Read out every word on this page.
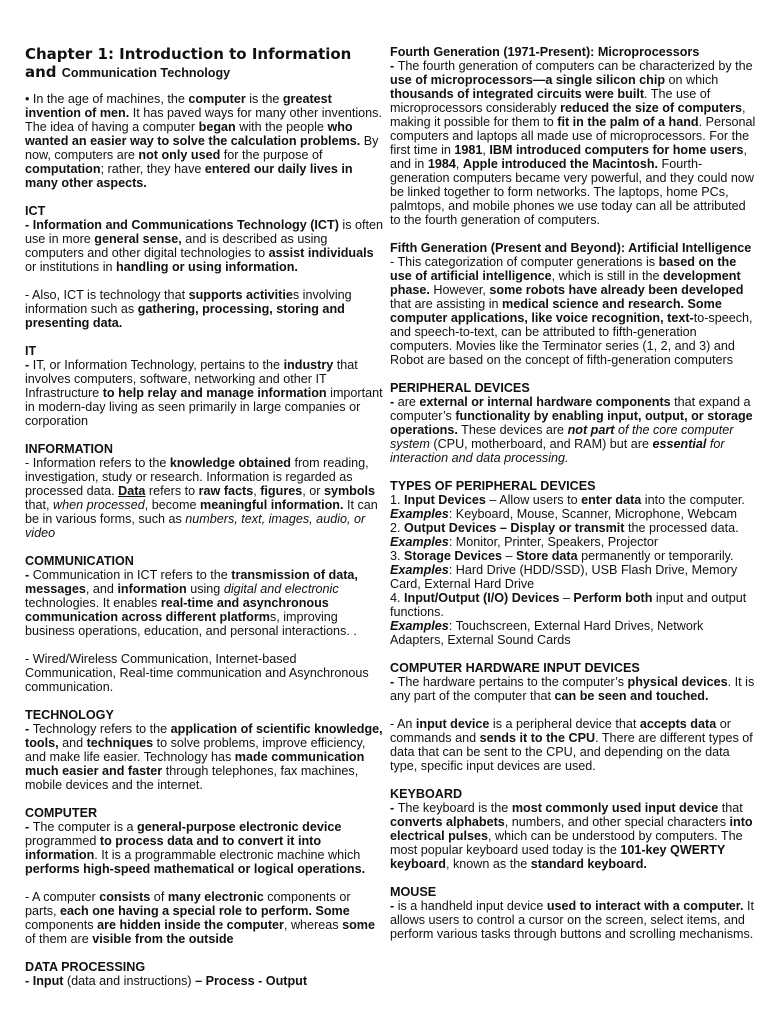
Chapter 1: Introduction to Information and Communication Technology

• In the age of machines, the computer is the greatest invention of men. It has paved ways for many other inventions. The idea of having a computer began with the people who wanted an easier way to solve the calculation problems. By now, computers are not only used for the purpose of computation; rather, they have entered our daily lives in many other aspects.

ICT

- Information and Communications Technology (ICT) is often use in more general sense, and is described as using computers and other digital technologies to assist individuals or institutions in handling or using information.

- Also, ICT is technology that supports activities involving information such as gathering, processing, storing and presenting data.

IT

- IT, or Information Technology, pertains to the industry that involves computers, software, networking and other IT Infrastructure to help relay and manage information important in modern-day living as seen primarily in large companies or corporation

INFORMATION

- Information refers to the knowledge obtained from reading, investigation, study or research. Information is regarded as processed data. Data refers to raw facts, figures, or symbols that, when processed, become meaningful information. It can be in various forms, such as numbers, text, images, audio, or video

COMMUNICATION

- Communication in ICT refers to the transmission of data, messages, and information using digital and electronic technologies. It enables real-time and asynchronous communication across different platforms, improving business operations, education, and personal interactions. .

- Wired/Wireless Communication, Internet-based Communication, Real-time communication and Asynchronous communication.

TECHNOLOGY

- Technology refers to the application of scientific knowledge, tools, and techniques to solve problems, improve efficiency, and make life easier. Technology has made communication much easier and faster through telephones, fax machines, mobile devices and the internet.

COMPUTER

- The computer is a general-purpose electronic device programmed to process data and to convert it into information. It is a programmable electronic machine which performs high-speed mathematical or logical operations.

- A computer consists of many electronic components or parts, each one having a special role to perform. Some components are hidden inside the computer, whereas some of them are visible from the outside

DATA PROCESSING

- Input (data and instructions) – Process - Output

Fourth Generation (1971-Present): Microprocessors

- The fourth generation of computers can be characterized by the use of microprocessors—a single silicon chip on which thousands of integrated circuits were built. The use of microprocessors considerably reduced the size of computers, making it possible for them to fit in the palm of a hand. Personal computers and laptops all made use of microprocessors. For the first time in 1981, IBM introduced computers for home users, and in 1984, Apple introduced the Macintosh. Fourth-generation computers became very powerful, and they could now be linked together to form networks. The laptops, home PCs, palmtops, and mobile phones we use today can all be attributed to the fourth generation of computers.

Fifth Generation (Present and Beyond): Artificial Intelligence

- This categorization of computer generations is based on the use of artificial intelligence, which is still in the development phase. However, some robots have already been developed that are assisting in medical science and research. Some computer applications, like voice recognition, text-to-speech, and speech-to-text, can be attributed to fifth-generation computers. Movies like the Terminator series (1, 2, and 3) and Robot are based on the concept of fifth-generation computers

PERIPHERAL DEVICES

- are external or internal hardware components that expand a computer’s functionality by enabling input, output, or storage operations. These devices are not part of the core computer system (CPU, motherboard, and RAM) but are essential for interaction and data processing.

TYPES OF PERIPHERAL DEVICES

1. Input Devices – Allow users to enter data into the computer.

Examples: Keyboard, Mouse, Scanner, Microphone, Webcam

2. Output Devices – Display or transmit the processed data.

Examples: Monitor, Printer, Speakers, Projector

3. Storage Devices – Store data permanently or temporarily.

Examples: Hard Drive (HDD/SSD), USB Flash Drive, Memory Card, External Hard Drive

4. Input/Output (I/O) Devices – Perform both input and output functions.

Examples: Touchscreen, External Hard Drives, Network Adapters, External Sound Cards

COMPUTER HARDWARE INPUT DEVICES

- The hardware pertains to the computer’s physical devices. It is any part of the computer that can be seen and touched.

- An input device is a peripheral device that accepts data or commands and sends it to the CPU. There are different types of data that can be sent to the CPU, and depending on the data type, specific input devices are used.

KEYBOARD

- The keyboard is the most commonly used input device that converts alphabets, numbers, and other special characters into electrical pulses, which can be understood by computers. The most popular keyboard used today is the 101-key QWERTY keyboard, known as the standard keyboard.

MOUSE

- is a handheld input device used to interact with a computer. It allows users to control a cursor on the screen, select items, and perform various tasks through buttons and scrolling mechanisms.
